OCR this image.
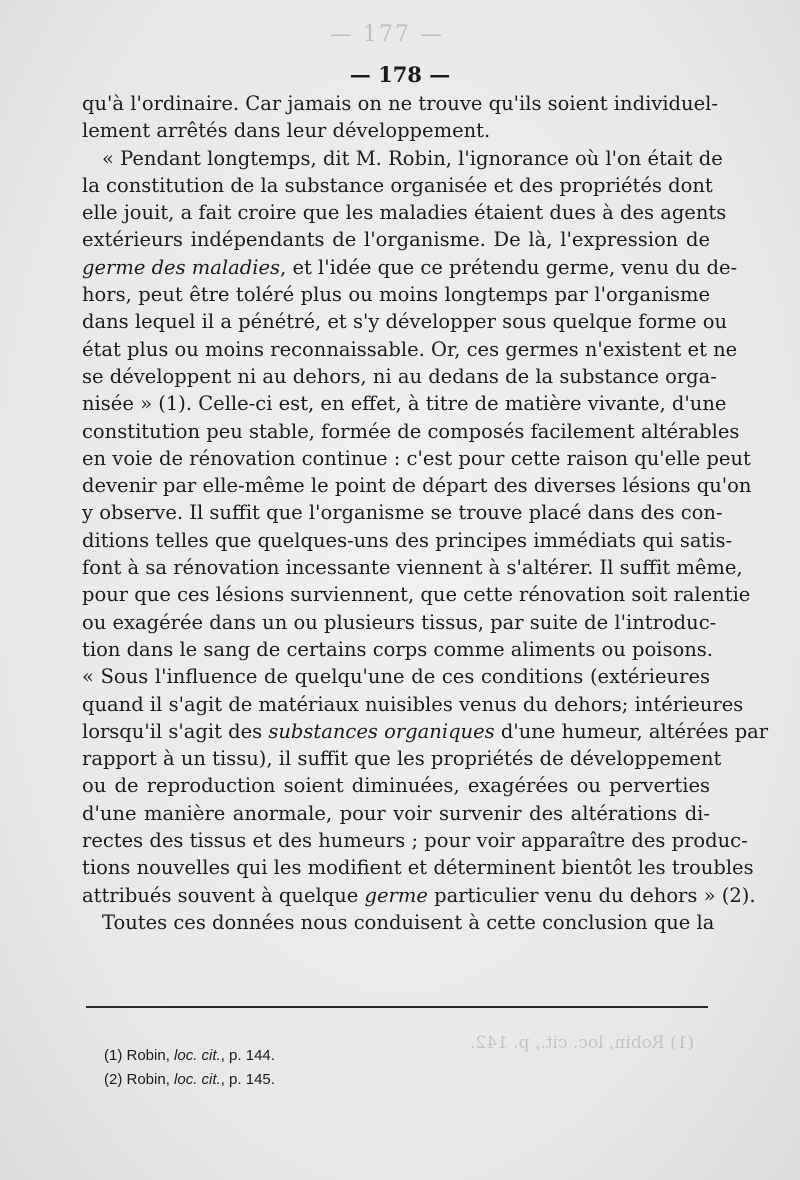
— 177 —
(1) Robin, loc. cit., p. 142.
— 178 —
qu'à l'ordinaire. Car jamais on ne trouve qu'ils soient individuel-
lement arrêtés dans leur développement.
« Pendant longtemps, dit M. Robin, l'ignorance où l'on était de
la constitution de la substance organisée et des propriétés dont
elle jouit, a fait croire que les maladies étaient dues à des agents
extérieurs indépendants de l'organisme. De là, l'expression de
germe des maladies, et l'idée que ce prétendu germe, venu du de-
hors, peut être toléré plus ou moins longtemps par l'organisme
dans lequel il a pénétré, et s'y développer sous quelque forme ou
état plus ou moins reconnaissable. Or, ces germes n'existent et ne
se développent ni au dehors, ni au dedans de la substance orga-
nisée » (1). Celle-ci est, en effet, à titre de matière vivante, d'une
constitution peu stable, formée de composés facilement altérables
en voie de rénovation continue : c'est pour cette raison qu'elle peut
devenir par elle-même le point de départ des diverses lésions qu'on
y observe. Il suffit que l'organisme se trouve placé dans des con-
ditions telles que quelques-uns des principes immédiats qui satis-
font à sa rénovation incessante viennent à s'altérer. Il suffit même,
pour que ces lésions surviennent, que cette rénovation soit ralentie
ou exagérée dans un ou plusieurs tissus, par suite de l'introduc-
tion dans le sang de certains corps comme aliments ou poisons.
« Sous l'influence de quelqu'une de ces conditions (extérieures
quand il s'agit de matériaux nuisibles venus du dehors; intérieures
lorsqu'il s'agit des substances organiques d'une humeur, altérées par
rapport à un tissu), il suffit que les propriétés de développement
ou de reproduction soient diminuées, exagérées ou perverties
d'une manière anormale, pour voir survenir des altérations di-
rectes des tissus et des humeurs ; pour voir apparaître des produc-
tions nouvelles qui les modifient et déterminent bientôt les troubles
attribués souvent à quelque germe particulier venu du dehors » (2).
Toutes ces données nous conduisent à cette conclusion que la
(1) Robin, loc. cit., p. 144.
(2) Robin, loc. cit., p. 145.
